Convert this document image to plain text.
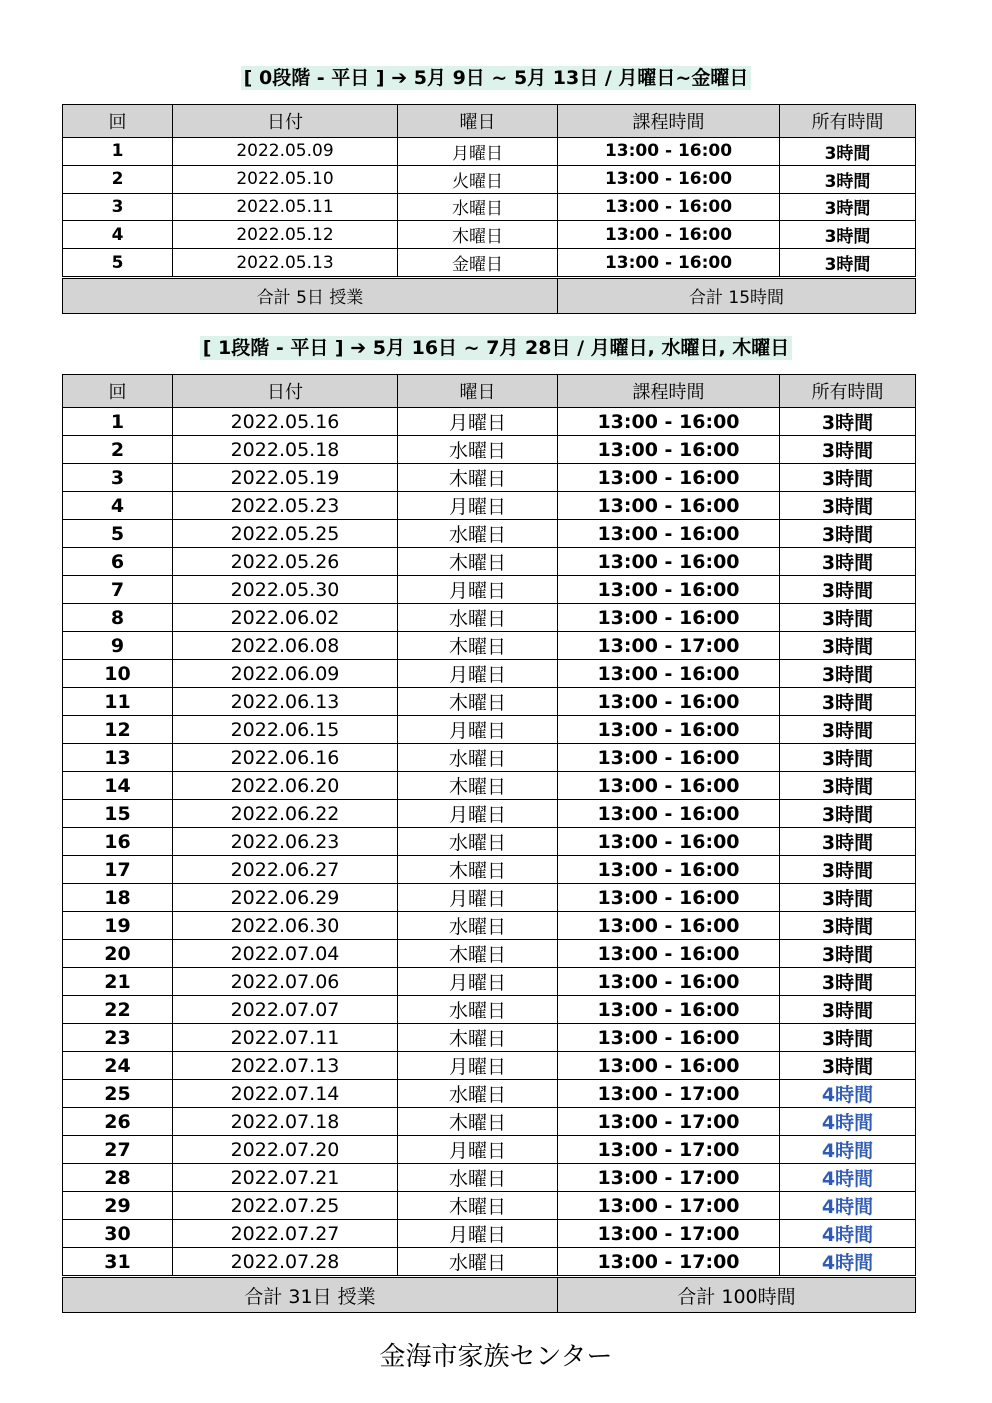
[ 0段階 - 平日 ] ➔ 5月 9日 ~ 5月 13日 / 月曜日~金曜日
回	日付	曜日	課程時間	所有時間
1	2022.05.09	月曜日	13:00 - 16:00	3時間
2	2022.05.10	火曜日	13:00 - 16:00	3時間
3	2022.05.11	水曜日	13:00 - 16:00	3時間
4	2022.05.12	木曜日	13:00 - 16:00	3時間
5	2022.05.13	金曜日	13:00 - 16:00	3時間
合計 5日 授業			合計 15時間	
[ 1段階 - 平日 ] ➔ 5月 16日 ~ 7月 28日 / 月曜日, 水曜日, 木曜日
回	日付	曜日	課程時間	所有時間
1	2022.05.16	月曜日	13:00 - 16:00	3時間
2	2022.05.18	水曜日	13:00 - 16:00	3時間
3	2022.05.19	木曜日	13:00 - 16:00	3時間
4	2022.05.23	月曜日	13:00 - 16:00	3時間
5	2022.05.25	水曜日	13:00 - 16:00	3時間
6	2022.05.26	木曜日	13:00 - 16:00	3時間
7	2022.05.30	月曜日	13:00 - 16:00	3時間
8	2022.06.02	水曜日	13:00 - 16:00	3時間
9	2022.06.08	木曜日	13:00 - 17:00	3時間
10	2022.06.09	月曜日	13:00 - 16:00	3時間
11	2022.06.13	木曜日	13:00 - 16:00	3時間
12	2022.06.15	月曜日	13:00 - 16:00	3時間
13	2022.06.16	水曜日	13:00 - 16:00	3時間
14	2022.06.20	木曜日	13:00 - 16:00	3時間
15	2022.06.22	月曜日	13:00 - 16:00	3時間
16	2022.06.23	水曜日	13:00 - 16:00	3時間
17	2022.06.27	木曜日	13:00 - 16:00	3時間
18	2022.06.29	月曜日	13:00 - 16:00	3時間
19	2022.06.30	水曜日	13:00 - 16:00	3時間
20	2022.07.04	木曜日	13:00 - 16:00	3時間
21	2022.07.06	月曜日	13:00 - 16:00	3時間
22	2022.07.07	水曜日	13:00 - 16:00	3時間
23	2022.07.11	木曜日	13:00 - 16:00	3時間
24	2022.07.13	月曜日	13:00 - 16:00	3時間
25	2022.07.14	水曜日	13:00 - 17:00	4時間
26	2022.07.18	木曜日	13:00 - 17:00	4時間
27	2022.07.20	月曜日	13:00 - 17:00	4時間
28	2022.07.21	水曜日	13:00 - 17:00	4時間
29	2022.07.25	木曜日	13:00 - 17:00	4時間
30	2022.07.27	月曜日	13:00 - 17:00	4時間
31	2022.07.28	水曜日	13:00 - 17:00	4時間
合計 31日 授業			合計 100時間	
金海市家族センター
